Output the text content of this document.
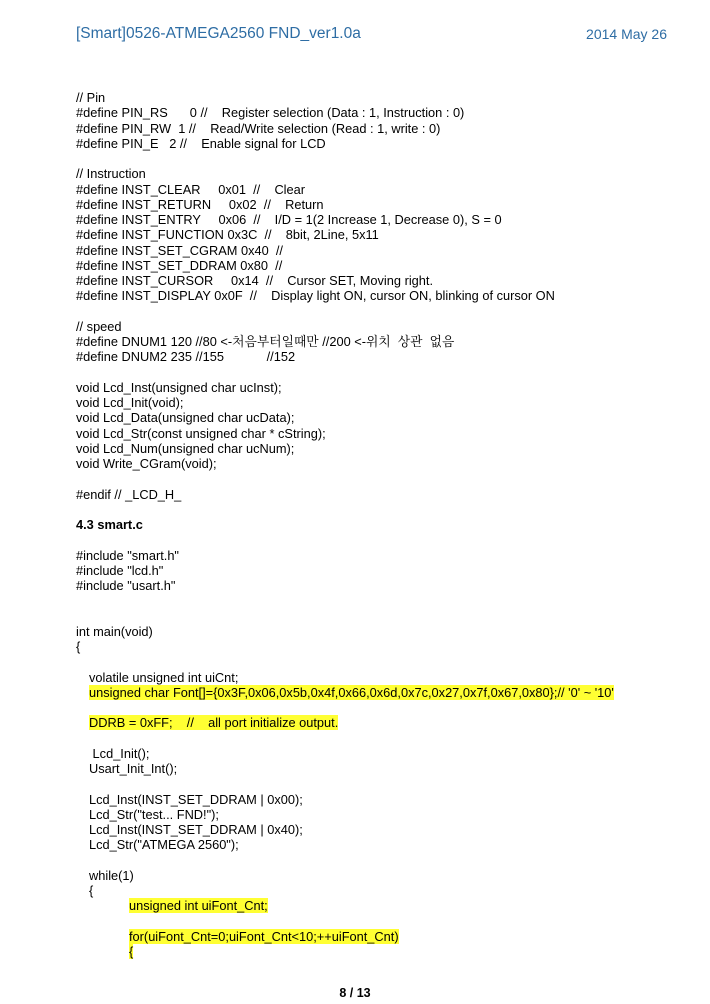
[Smart]0526-ATMEGA2560 FND_ver1.0a	2014 May 26
// Pin
#define PIN_RS	0 //    Register selection (Data : 1, Instruction : 0)
#define PIN_RW  1 //    Read/Write selection (Read : 1, write : 0)
#define PIN_E   2 //    Enable signal for LCD
// Instruction
#define INST_CLEAR     0x01  //    Clear
#define INST_RETURN     0x02  //    Return
#define INST_ENTRY     0x06  //    I/D = 1(2 Increase 1, Decrease 0), S = 0
#define INST_FUNCTION 0x3C  //    8bit, 2Line, 5x11
#define INST_SET_CGRAM 0x40  //
#define INST_SET_DDRAM 0x80  //
#define INST_CURSOR     0x14  //    Cursor SET, Moving right.
#define INST_DISPLAY 0x0F  //    Display light ON, cursor ON, blinking of cursor ON
// speed
#define DNUM1 120 //80 <-처음부터일때만 //200 <-위치  상관  없음
#define DNUM2 235 //155            //152
void Lcd_Inst(unsigned char ucInst);
void Lcd_Init(void);
void Lcd_Data(unsigned char ucData);
void Lcd_Str(const unsigned char * cString);
void Lcd_Num(unsigned char ucNum);
void Write_CGram(void);
#endif // _LCD_H_
4.3 smart.c
#include "smart.h"
#include "lcd.h"
#include "usart.h"
int main(void)
{
volatile unsigned int uiCnt;
unsigned char Font[]={0x3F,0x06,0x5b,0x4f,0x66,0x6d,0x7c,0x27,0x7f,0x67,0x80};// '0' ~ '10'
DDRB = 0xFF;    //    all port initialize output.
Lcd_Init();
Usart_Init_Int();
Lcd_Inst(INST_SET_DDRAM | 0x00);
Lcd_Str("test... FND!");
Lcd_Inst(INST_SET_DDRAM | 0x40);
Lcd_Str("ATMEGA 2560");
while(1)
{
unsigned int uiFont_Cnt;
for(uiFont_Cnt=0;uiFont_Cnt<10;++uiFont_Cnt)
{
8 / 13
